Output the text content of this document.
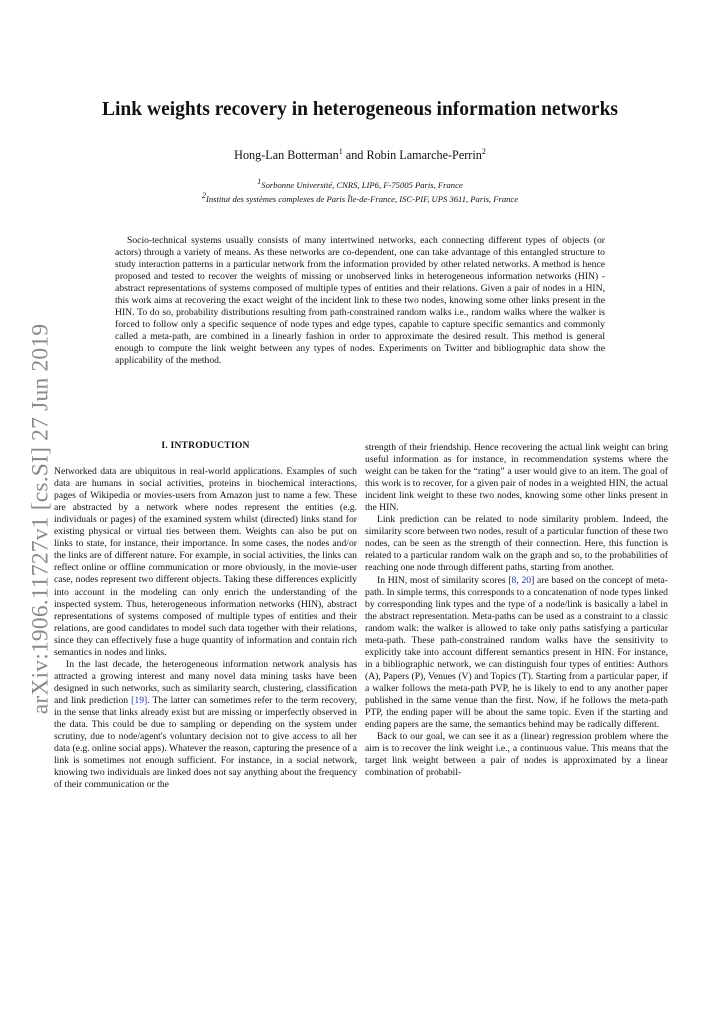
arXiv:1906.11727v1 [cs.SI] 27 Jun 2019
Link weights recovery in heterogeneous information networks
Hong-Lan Botterman$^1$ and Robin Lamarche-Perrin$^2$
$^1$Sorbonne Université, CNRS, LIP6, F-75005 Paris, France
$^2$Institut des systèmes complexes de Paris Île-de-France, ISC-PIF, UPS 3611, Paris, France

Socio-technical systems usually consists of many intertwined networks, each connecting different types of objects (or actors) through a variety of means. As these networks are co-dependent, one can take advantage of this entangled structure to study interaction patterns in a particular network from the information provided by other related networks. A method is hence proposed and tested to recover the weights of missing or unobserved links in heterogeneous information networks (HIN) - abstract representations of systems composed of multiple types of entities and their relations. Given a pair of nodes in a HIN, this work aims at recovering the exact weight of the incident link to these two nodes, knowing some other links present in the HIN. To do so, probability distributions resulting from path-constrained random walks i.e., random walks where the walker is forced to follow only a specific sequence of node types and edge types, capable to capture specific semantics and commonly called a meta-path, are combined in a linearly fashion in order to approximate the desired result. This method is general enough to compute the link weight between any types of nodes. Experiments on Twitter and bibliographic data show the applicability of the method.

I. INTRODUCTION

Networked data are ubiquitous in real-world applications. Examples of such data are humans in social activities, proteins in biochemical interactions, pages of Wikipedia or movies-users from Amazon just to name a few. These are abstracted by a network where nodes represent the entities (e.g. individuals or pages) of the examined system whilst (directed) links stand for existing physical or virtual ties between them. Weights can also be put on links to state, for instance, their importance. In some cases, the nodes and/or the links are of different nature. For example, in social activities, the links can reflect online or offline communication or more obviously, in the movie-user case, nodes represent two different objects. Taking these differences explicitly into account in the modeling can only enrich the understanding of the inspected system. Thus, heterogeneous information networks (HIN), abstract representations of systems composed of multiple types of entities and their relations, are good candidates to model such data together with their relations, since they can effectively fuse a huge quantity of information and contain rich semantics in nodes and links.

In the last decade, the heterogeneous information network analysis has attracted a growing interest and many novel data mining tasks have been designed in such networks, such as similarity search, clustering, classification and link prediction [19]. The latter can sometimes refer to the term recovery, in the sense that links already exist but are missing or imperfectly observed in the data. This could be due to sampling or depending on the system under scrutiny, due to node/agent's voluntary decision not to give access to all her data (e.g. online social apps). Whatever the reason, capturing the presence of a link is sometimes not enough sufficient. For instance, in a social network, knowing two individuals are linked does not say anything about the frequency of their communication or the

strength of their friendship. Hence recovering the actual link weight can bring useful information as for instance, in recommendation systems where the weight can be taken for the “rating” a user would give to an item. The goal of this work is to recover, for a given pair of nodes in a weighted HIN, the actual incident link weight to these two nodes, knowing some other links present in the HIN.

Link prediction can be related to node similarity problem. Indeed, the similarity score between two nodes, result of a particular function of these two nodes, can be seen as the strength of their connection. Here, this function is related to a particular random walk on the graph and so, to the probabilities of reaching one node through different paths, starting from another.

In HIN, most of similarity scores [8, 20] are based on the concept of meta-path. In simple terms, this corresponds to a concatenation of node types linked by corresponding link types and the type of a node/link is basically a label in the abstract representation. Meta-paths can be used as a constraint to a classic random walk: the walker is allowed to take only paths satisfying a particular meta-path. These path-constrained random walks have the sensitivity to explicitly take into account different semantics present in HIN. For instance, in a bibliographic network, we can distinguish four types of entities: Authors (A), Papers (P), Venues (V) and Topics (T). Starting from a particular paper, if a walker follows the meta-path PVP, he is likely to end to any another paper published in the same venue than the first. Now, if he follows the meta-path PTP, the ending paper will be about the same topic. Even if the starting and ending papers are the same, the semantics behind may be radically different.

Back to our goal, we can see it as a (linear) regression problem where the aim is to recover the link weight i.e., a continuous value. This means that the target link weight between a pair of nodes is approximated by a linear combination of probabil-
